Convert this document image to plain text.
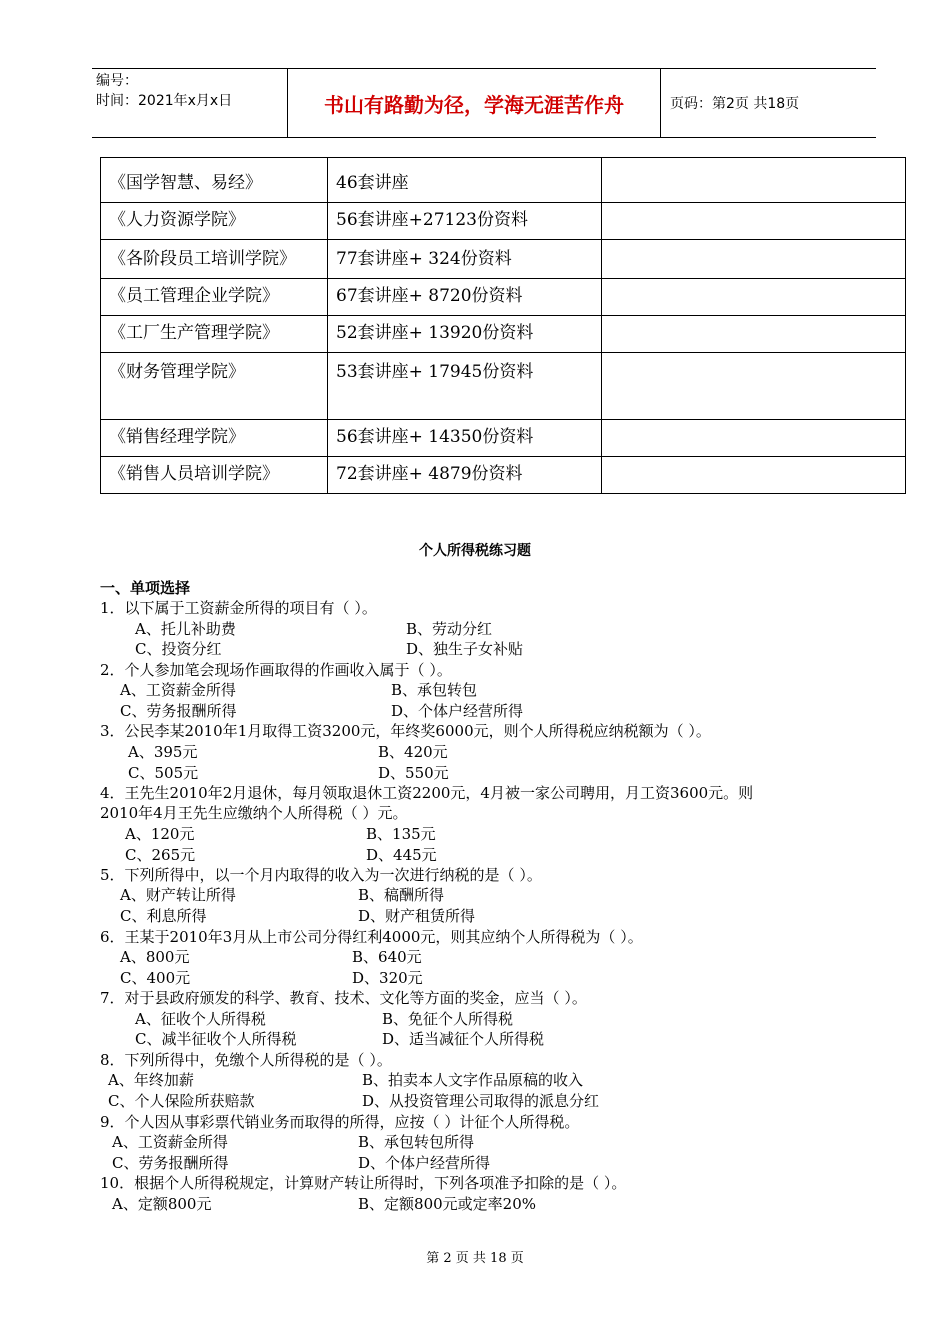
编号：
时间：2021年x月x日	书山有路勤为径，学海无涯苦作舟	页码：第2页 共18页
《国学智慧、易经》	46套讲座	
《人力资源学院》	56套讲座+27123份资料	
《各阶段员工培训学院》	77套讲座+ 324份资料	
《员工管理企业学院》	67套讲座+ 8720份资料	
《工厂生产管理学院》	52套讲座+ 13920份资料	
《财务管理学院》	53套讲座+ 17945份资料	
《销售经理学院》	56套讲座+ 14350份资料	
《销售人员培训学院》	72套讲座+ 4879份资料	
个人所得税练习题
一、单项选择
1．以下属于工资薪金所得的项目有（ ）。
A、托儿补助费	B、劳动分红
C、投资分红	D、独生子女补贴
2．个人参加笔会现场作画取得的作画收入属于（ ）。
A、工资薪金所得	B、承包转包
C、劳务报酬所得	D、个体户经营所得
3．公民李某2010年1月取得工资3200元，年终奖6000元，则个人所得税应纳税额为（ ）。
A、395元	B、420元
C、505元	D、550元
4．王先生2010年2月退休，每月领取退休工资2200元，4月被一家公司聘用，月工资3600元。则
2010年4月王先生应缴纳个人所得税（ ）元。
A、120元	B、135元
C、265元	D、445元
5．下列所得中，以一个月内取得的收入为一次进行纳税的是（ ）。
A、财产转让所得	B、稿酬所得
C、利息所得	D、财产租赁所得
6．王某于2010年3月从上市公司分得红利4000元，则其应纳个人所得税为（ ）。
A、800元	B、640元
C、400元	D、320元
7．对于县政府颁发的科学、教育、技术、文化等方面的奖金，应当（ ）。
A、征收个人所得税	B、免征个人所得税
C、减半征收个人所得税	D、适当减征个人所得税
8．下列所得中，免缴个人所得税的是（ ）。
A、年终加薪	B、拍卖本人文字作品原稿的收入
C、个人保险所获赔款	D、从投资管理公司取得的派息分红
9．个人因从事彩票代销业务而取得的所得，应按（ ）计征个人所得税。
A、工资薪金所得	B、承包转包所得
C、劳务报酬所得	D、个体户经营所得
10．根据个人所得税规定，计算财产转让所得时，下列各项准予扣除的是（ ）。
A、定额800元	B、定额800元或定率20%
第 2 页 共 18 页
